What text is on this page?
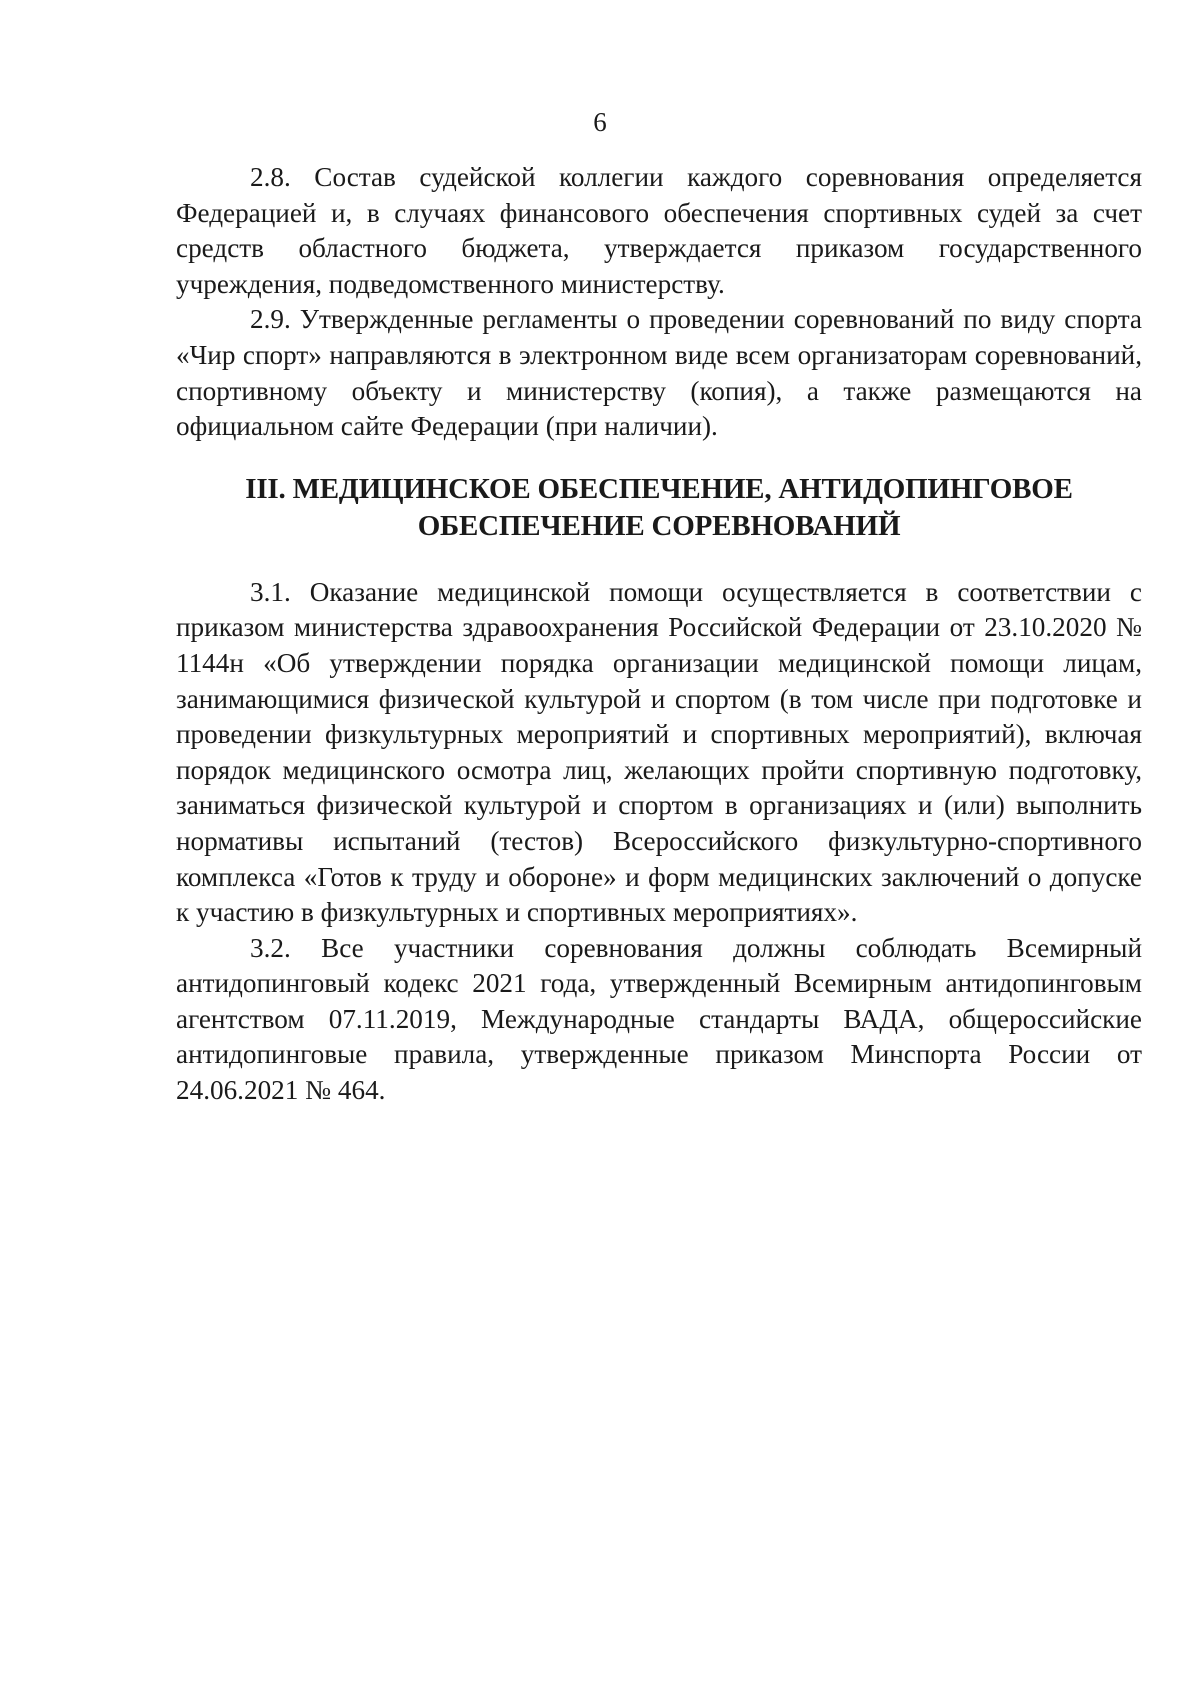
6

2.8. Состав судейской коллегии каждого соревнования определяется Федерацией и, в случаях финансового обеспечения спортивных судей за счет средств областного бюджета, утверждается приказом государственного учреждения, подведомственного министерству.

2.9. Утвержденные регламенты о проведении соревнований по виду спорта «Чир спорт» направляются в электронном виде всем организаторам соревнований, спортивному объекту и министерству (копия), а также размещаются на официальном сайте Федерации (при наличии).

III. МЕДИЦИНСКОЕ ОБЕСПЕЧЕНИЕ, АНТИДОПИНГОВОЕ ОБЕСПЕЧЕНИЕ СОРЕВНОВАНИЙ

3.1. Оказание медицинской помощи осуществляется в соответствии с приказом министерства здравоохранения Российской Федерации от 23.10.2020 № 1144н «Об утверждении порядка организации медицинской помощи лицам, занимающимися физической культурой и спортом (в том числе при подготовке и проведении физкультурных мероприятий и спортивных мероприятий), включая порядок медицинского осмотра лиц, желающих пройти спортивную подготовку, заниматься физической культурой и спортом в организациях и (или) выполнить нормативы испытаний (тестов) Всероссийского физкультурно-спортивного комплекса «Готов к труду и обороне» и форм медицинских заключений о допуске к участию в физкультурных и спортивных мероприятиях».

3.2. Все участники соревнования должны соблюдать Всемирный антидопинговый кодекс 2021 года, утвержденный Всемирным антидопинговым агентством 07.11.2019, Международные стандарты ВАДА, общероссийские антидопинговые правила, утвержденные приказом Минспорта России от 24.06.2021 № 464.
